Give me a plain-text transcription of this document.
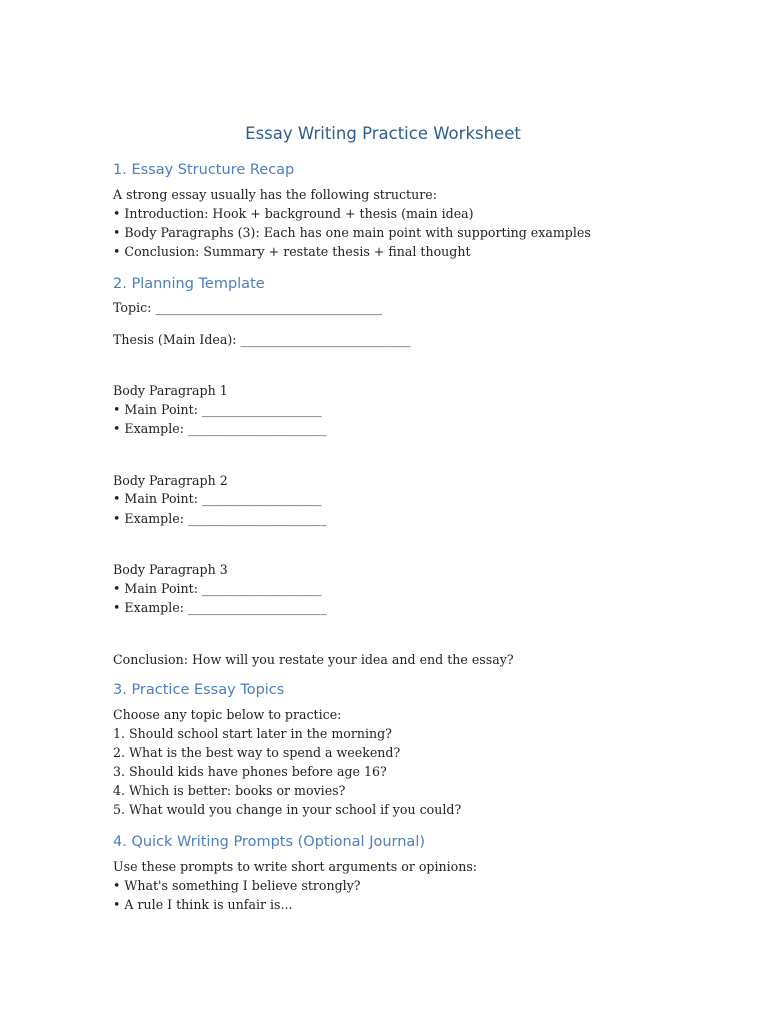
Essay Writing Practice Worksheet
1. Essay Structure Recap
A strong essay usually has the following structure:
• Introduction: Hook + background + thesis (main idea)
• Body Paragraphs (3): Each has one main point with supporting examples
• Conclusion: Summary + restate thesis + final thought
2. Planning Template
Topic: ____________________________________
Thesis (Main Idea): ___________________________
Body Paragraph 1
• Main Point: ___________________
• Example: ______________________
Body Paragraph 2
• Main Point: ___________________
• Example: ______________________
Body Paragraph 3
• Main Point: ___________________
• Example: ______________________
Conclusion: How will you restate your idea and end the essay?
3. Practice Essay Topics
Choose any topic below to practice:
1. Should school start later in the morning?
2. What is the best way to spend a weekend?
3. Should kids have phones before age 16?
4. Which is better: books or movies?
5. What would you change in your school if you could?
4. Quick Writing Prompts (Optional Journal)
Use these prompts to write short arguments or opinions:
• What's something I believe strongly?
• A rule I think is unfair is...
